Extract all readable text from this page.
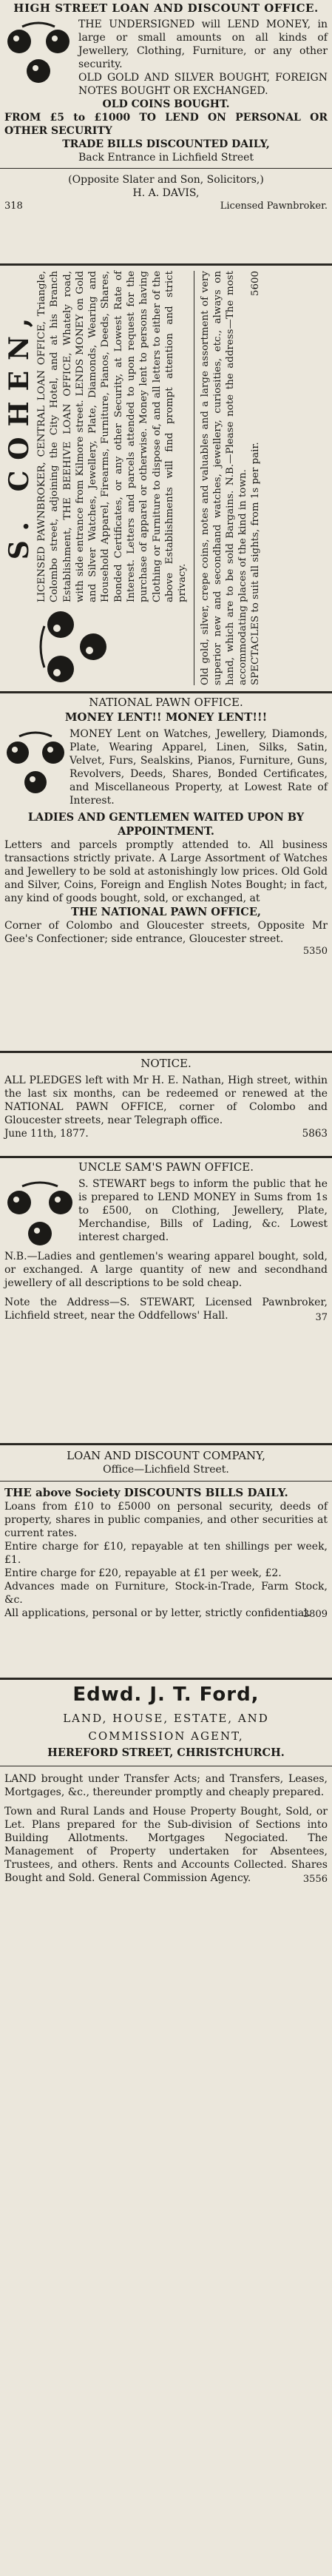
HIGH STREET LOAN AND DISCOUNT OFFICE.

THE UNDERSIGNED will LEND MONEY, in large or small amounts on all kinds of Jewellery, Clothing, Furniture, or any other security.

OLD GOLD AND SILVER BOUGHT, FOREIGN NOTES BOUGHT OR EXCHANGED.

OLD COINS BOUGHT.

FROM £5 to £1000 TO LEND ON PERSONAL OR OTHER SECURITY

TRADE BILLS DISCOUNTED DAILY,
Back Entrance in Lichfield Street
(Opposite Slater and Son, Solicitors,)
H. A. DAVIS,
318	Licensed Pawnbroker.
S. COHEN, LICENSED PAWNBROKER, CENTRAL LOAN OFFICE, Triangle, Colombo street, adjoining the City Hotel, and at his Branch Establishment, THE BEEHIVE LOAN OFFICE, Whately road, with side entrance from Kilmore street. LENDS MONEY on Gold and Silver Watches, Jewellery, Plate, Diamonds, Wearing and Household Apparel, Firearms, Furniture, Pianos, Deeds, Shares, Bonded Certificates, or any other Security, at Lowest Rate of Interest. Letters and parcels attended to upon request for the purchase of apparel or otherwise. Money lent to persons having Clothing or Furniture to dispose of, and all letters to either of the above Establishments will find prompt attention and strict privacy. Old gold, silver, crepe coins, notes and valuables and a large assortment of very superior new and secondhand watches, jewellery, curiosities, etc., always on hand, which are to be sold Bargains. N.B.—Please note the address—The most accommodating places of the kind in town. SPECTACLES to suit all sights, from 1s per pair.
5600
NATIONAL PAWN OFFICE.
MONEY LENT!! MONEY LENT!!!

MONEY Lent on Watches, Jewellery, Diamonds, Plate, Wearing Apparel, Linen, Silks, Satin, Velvet, Furs, Sealskins, Pianos, Furniture, Guns, Revolvers, Deeds, Shares, Bonded Certificates, and Miscellaneous Property, at Lowest Rate of Interest.

LADIES AND GENTLEMEN WAITED UPON BY APPOINTMENT.

Letters and parcels promptly attended to. All business transactions strictly private. A Large Assortment of Watches and Jewellery to be sold at astonishingly low prices. Old Gold and Silver, Coins, Foreign and English Notes Bought; in fact, any kind of goods bought, sold, or exchanged, at

THE NATIONAL PAWN OFFICE,

Corner of Colombo and Gloucester streets, Opposite Mr Gee's Confectioner; side entrance, Gloucester street.

5350
NOTICE.

ALL PLEDGES left with Mr H. E. Nathan, High street, within the last six months, can be redeemed or renewed at the NATIONAL PAWN OFFICE, corner of Colombo and Gloucester streets, near Telegraph office.

June 11th, 1877.	5863
UNCLE SAM'S PAWN OFFICE.

S. STEWART begs to inform the public that he is prepared to LEND MONEY in Sums from 1s to £500, on Clothing, Jewellery, Plate, Merchandise, Bills of Lading, &c. Lowest interest charged.

N.B.—Ladies and gentlemen's wearing apparel bought, sold, or exchanged. A large quantity of new and secondhand jewellery of all descriptions to be sold cheap.

Note the Address—S. STEWART, Licensed Pawnbroker, Lichfield street, near the Oddfellows' Hall.	37
LOAN AND DISCOUNT COMPANY,
Office—Lichfield Street.

THE above Society DISCOUNTS BILLS DAILY.

Loans from £10 to £5000 on personal security, deeds of property, shares in public companies, and other securities at current rates.

Entire charge for £10, repayable at ten shillings per week, £1.

Entire charge for £20, repayable at £1 per week, £2.

Advances made on Furniture, Stock-in-Trade, Farm Stock, &c.

All applications, personal or by letter, strictly confidential.

3809
Edwd. J. T. Ford,
LAND, HOUSE, ESTATE, AND
COMMISSION AGENT,
HEREFORD STREET, CHRISTCHURCH.

LAND brought under Transfer Acts; and Transfers, Leases, Mortgages, &c., thereunder promptly and cheaply prepared.

Town and Rural Lands and House Property Bought, Sold, or Let. Plans prepared for the Sub-division of Sections into Building Allotments. Mortgages Negociated. The Management of Property undertaken for Absentees, Trustees, and others. Rents and Accounts Collected. Shares Bought and Sold. General Commission Agency.	3556
